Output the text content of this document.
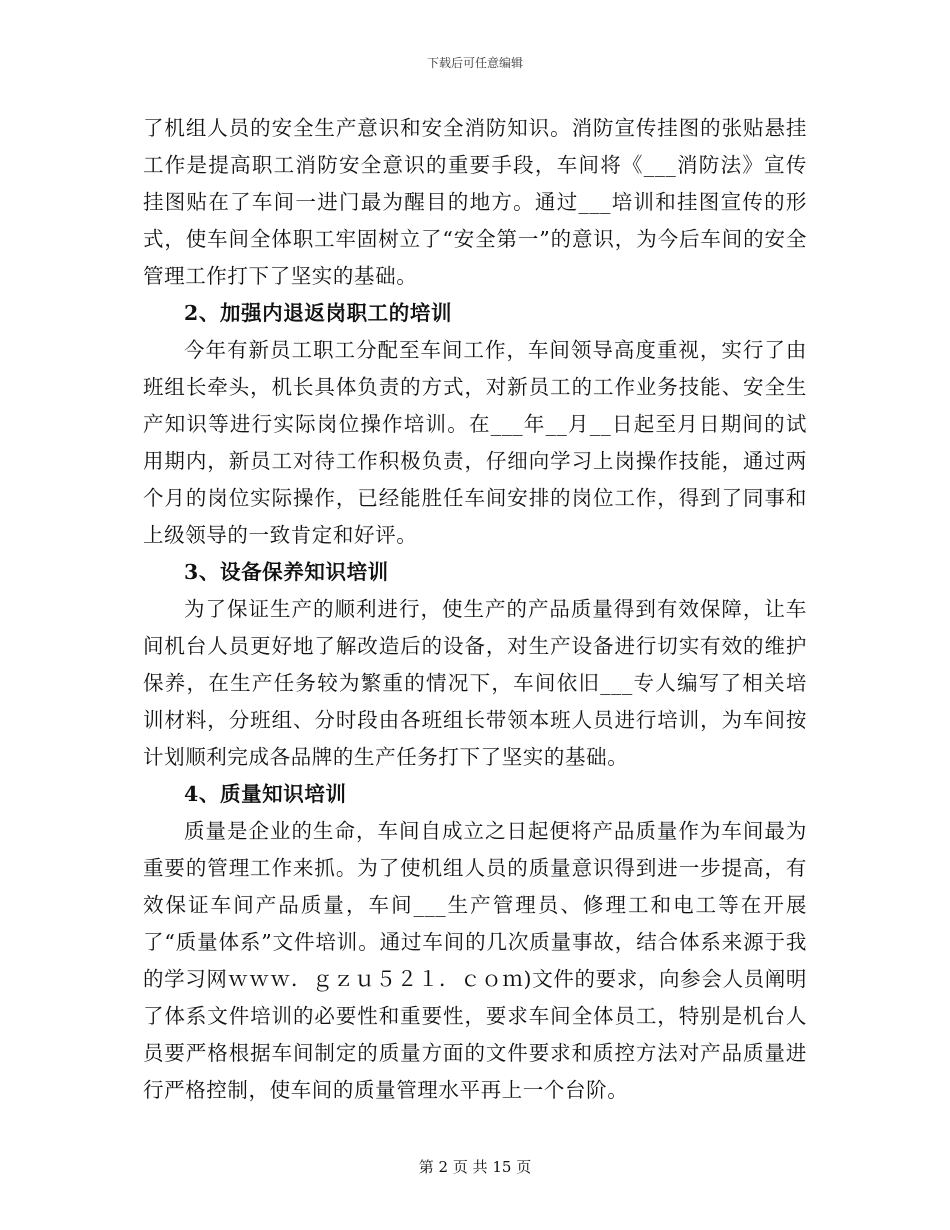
下载后可任意编辑

了机组人员的安全生产意识和安全消防知识。消防宣传挂图的张贴悬挂工作是提高职工消防安全意识的重要手段，车间将《___消防法》宣传挂图贴在了车间一进门最为醒目的地方。通过___培训和挂图宣传的形式，使车间全体职工牢固树立了“安全第一”的意识，为今后车间的安全管理工作打下了坚实的基础。

2、加强内退返岗职工的培训

今年有新员工职工分配至车间工作，车间领导高度重视，实行了由班组长牵头，机长具体负责的方式，对新员工的工作业务技能、安全生产知识等进行实际岗位操作培训。在___年__月__日起至月日期间的试用期内，新员工对待工作积极负责，仔细向学习上岗操作技能，通过两个月的岗位实际操作，已经能胜任车间安排的岗位工作，得到了同事和上级领导的一致肯定和好评。

3、设备保养知识培训

为了保证生产的顺利进行，使生产的产品质量得到有效保障，让车间机台人员更好地了解改造后的设备，对生产设备进行切实有效的维护保养，在生产任务较为繁重的情况下，车间依旧___专人编写了相关培训材料，分班组、分时段由各班组长带领本班人员进行培训，为车间按计划顺利完成各品牌的生产任务打下了坚实的基础。

4、质量知识培训

质量是企业的生命，车间自成立之日起便将产品质量作为车间最为重要的管理工作来抓。为了使机组人员的质量意识得到进一步提高，有效保证车间产品质量，车间___生产管理员、修理工和电工等在开展了“质量体系”文件培训。通过车间的几次质量事故，结合体系来源于我的学习网ｗｗｗ．ｇｚｕ５２１．ｃｏｍ)文件的要求，向参会人员阐明了体系文件培训的必要性和重要性，要求车间全体员工，特别是机台人员要严格根据车间制定的质量方面的文件要求和质控方法对产品质量进行严格控制，使车间的质量管理水平再上一个台阶。

第 2 页 共 15 页
